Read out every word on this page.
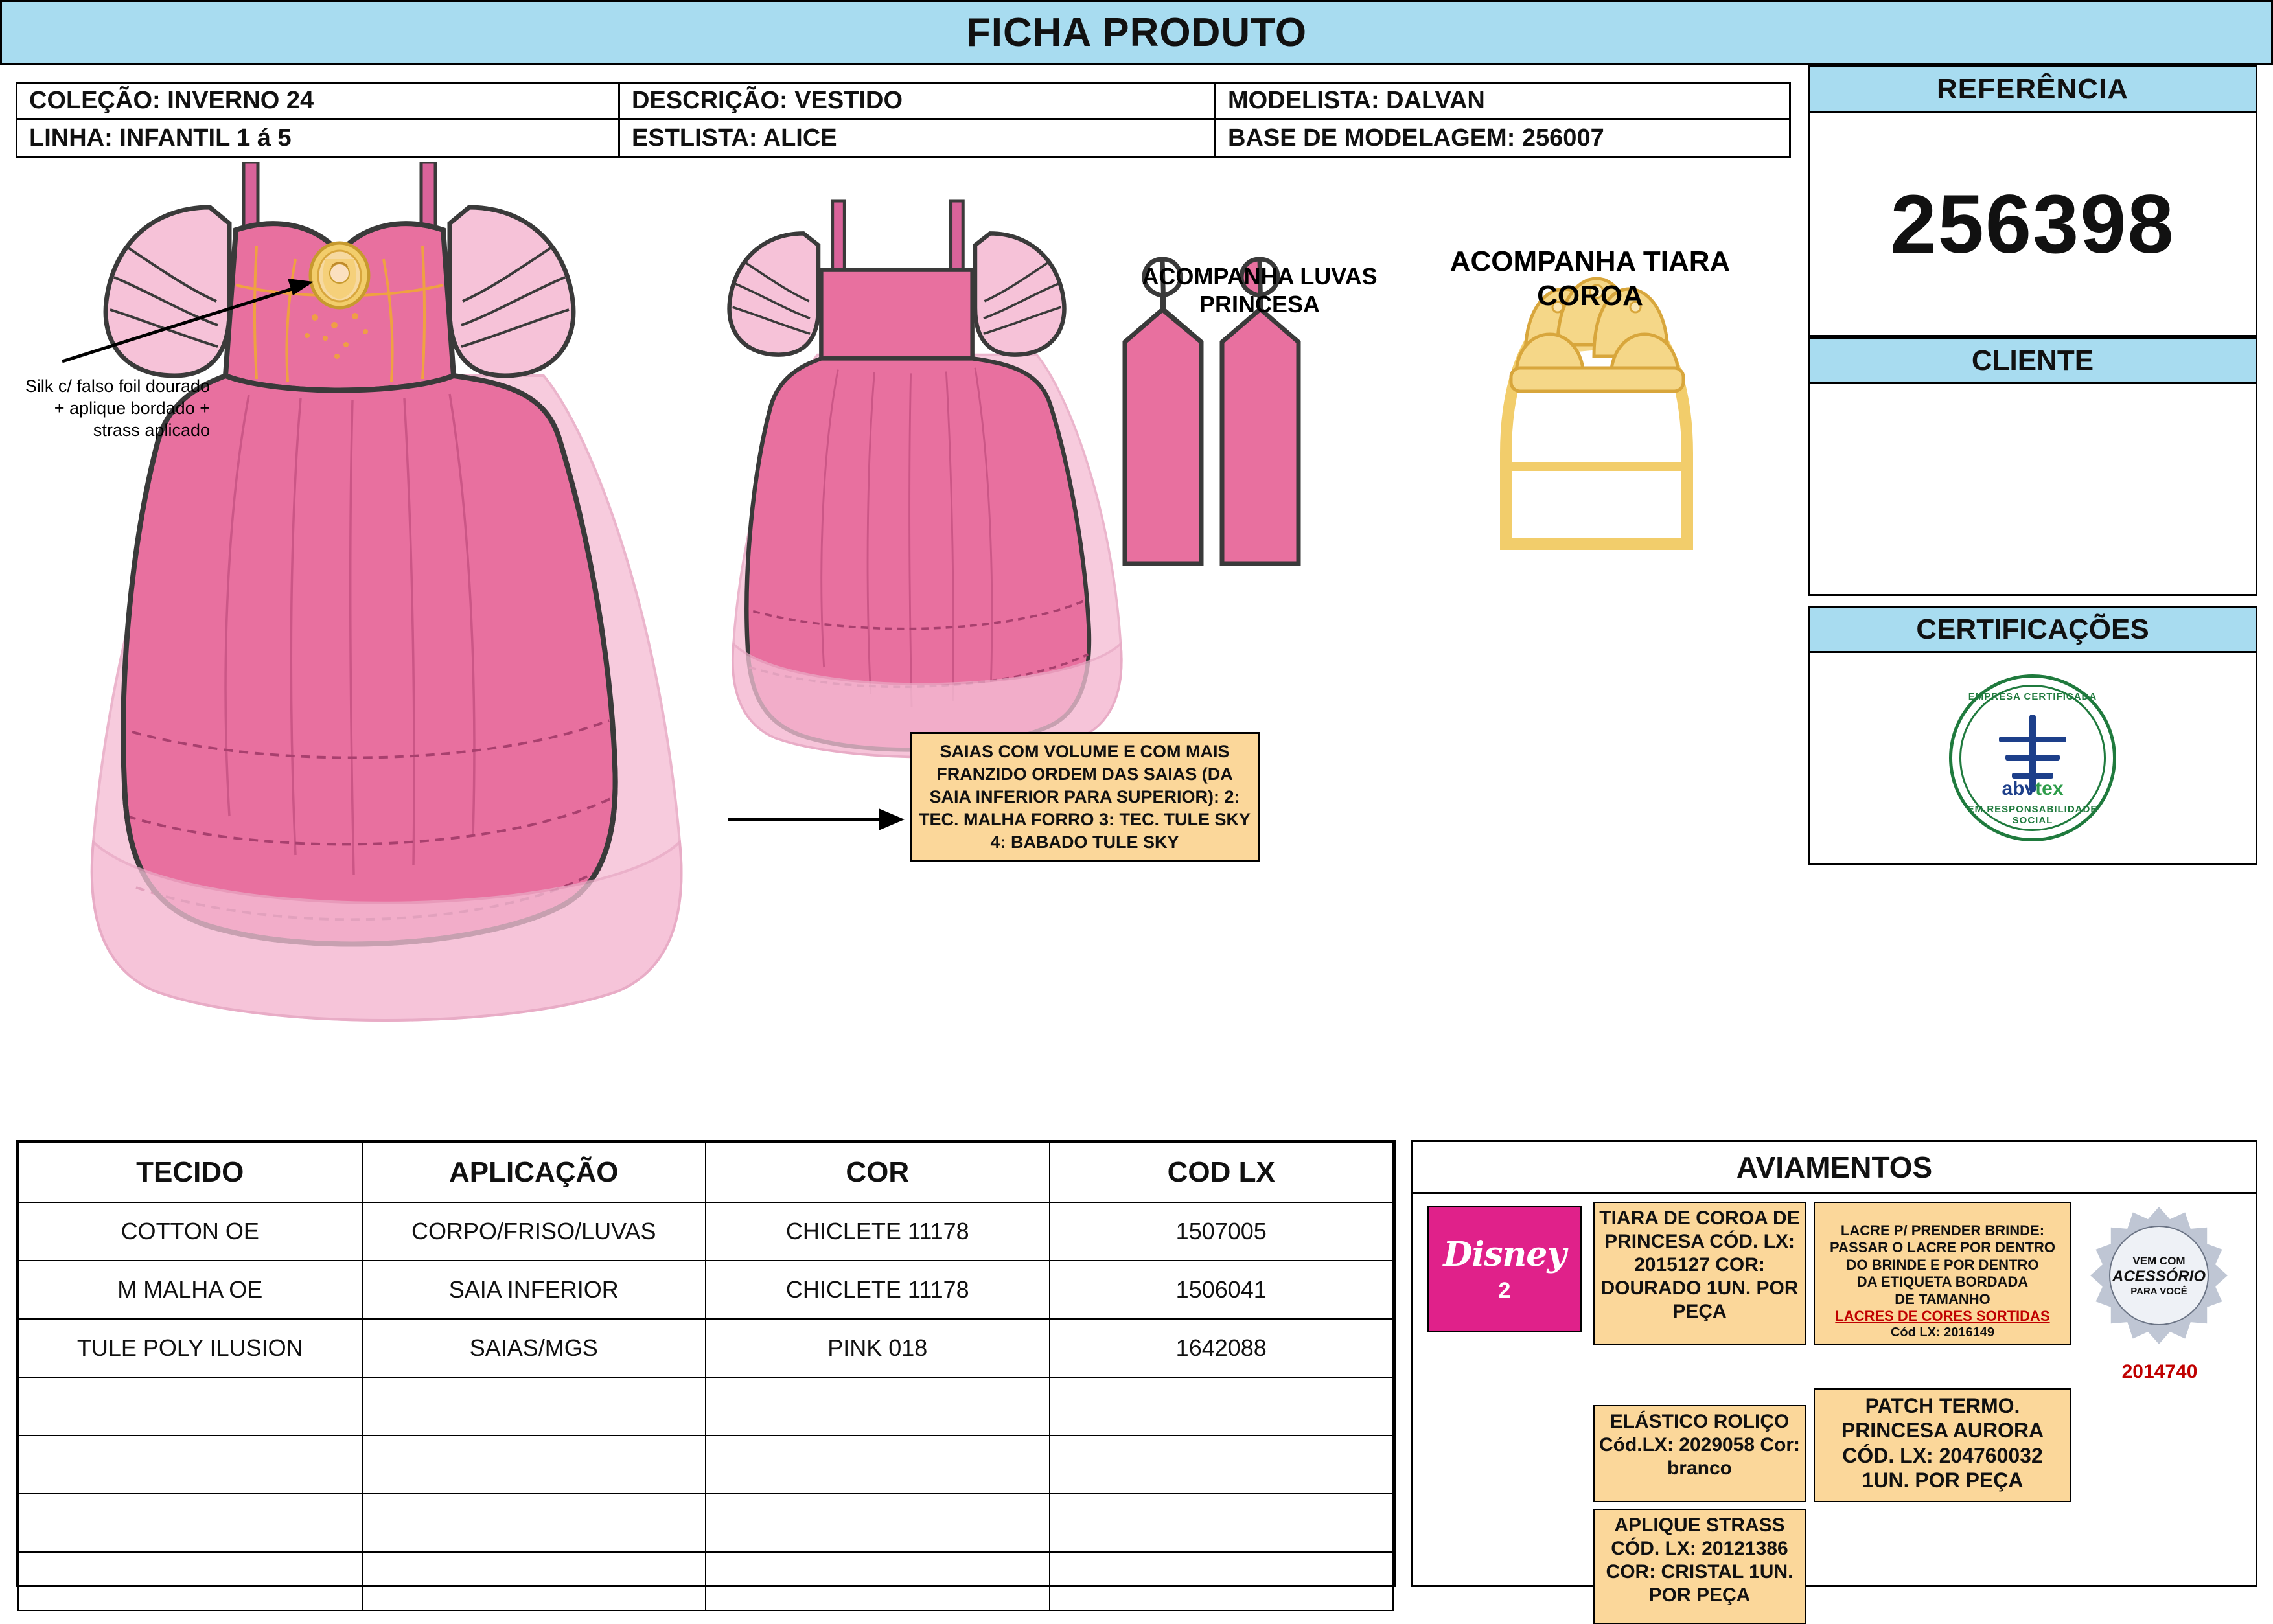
FICHA PRODUTO
COLEÇÃO: INVERNO 24	DESCRIÇÃO: VESTIDO	MODELISTA: DALVAN
LINHA: INFANTIL 1 á 5	ESTLISTA: ALICE	BASE DE MODELAGEM: 256007
REFERÊNCIA
256398
CLIENTE
CERTIFICAÇÕES
EMPRESA CERTIFICADA
abvtex
EM RESPONSABILIDADE SOCIAL
Silk c/ falso foil dourado + aplique bordado + strass aplicado
ACOMPANHA LUVAS PRINCESA
ACOMPANHA TIARA COROA
SAIAS COM VOLUME E COM MAIS FRANZIDO ORDEM DAS SAIAS (DA SAIA INFERIOR PARA SUPERIOR): 2: TEC. MALHA FORRO 3: TEC. TULE SKY 4: BABADO TULE SKY
TECIDO	APLICAÇÃO	COR	COD LX
COTTON OE	CORPO/FRISO/LUVAS	CHICLETE 11178	1507005
M MALHA OE	SAIA INFERIOR	CHICLETE 11178	1506041
TULE POLY ILUSION	SAIAS/MGS	PINK 018	1642088

AVIAMENTOS
Disney
2
TIARA DE COROA DE PRINCESA CÓD. LX: 2015127 COR: DOURADO 1UN. POR PEÇA
LACRE P/ PRENDER BRINDE:
PASSAR O LACRE POR DENTRO
DO BRINDE E POR DENTRO
DA ETIQUETA BORDADA
DE TAMANHO
LACRES DE CORES SORTIDAS
Cód LX: 2016149
ELÁSTICO ROLIÇO Cód.LX: 2029058 Cor: branco
PATCH TERMO. PRINCESA AURORA CÓD. LX: 204760032 1UN. POR PEÇA
APLIQUE STRASS CÓD. LX: 20121386 COR: CRISTAL 1UN. POR PEÇA
VEM COM
ACESSÓRIO
PARA VOCÊ
2014740
